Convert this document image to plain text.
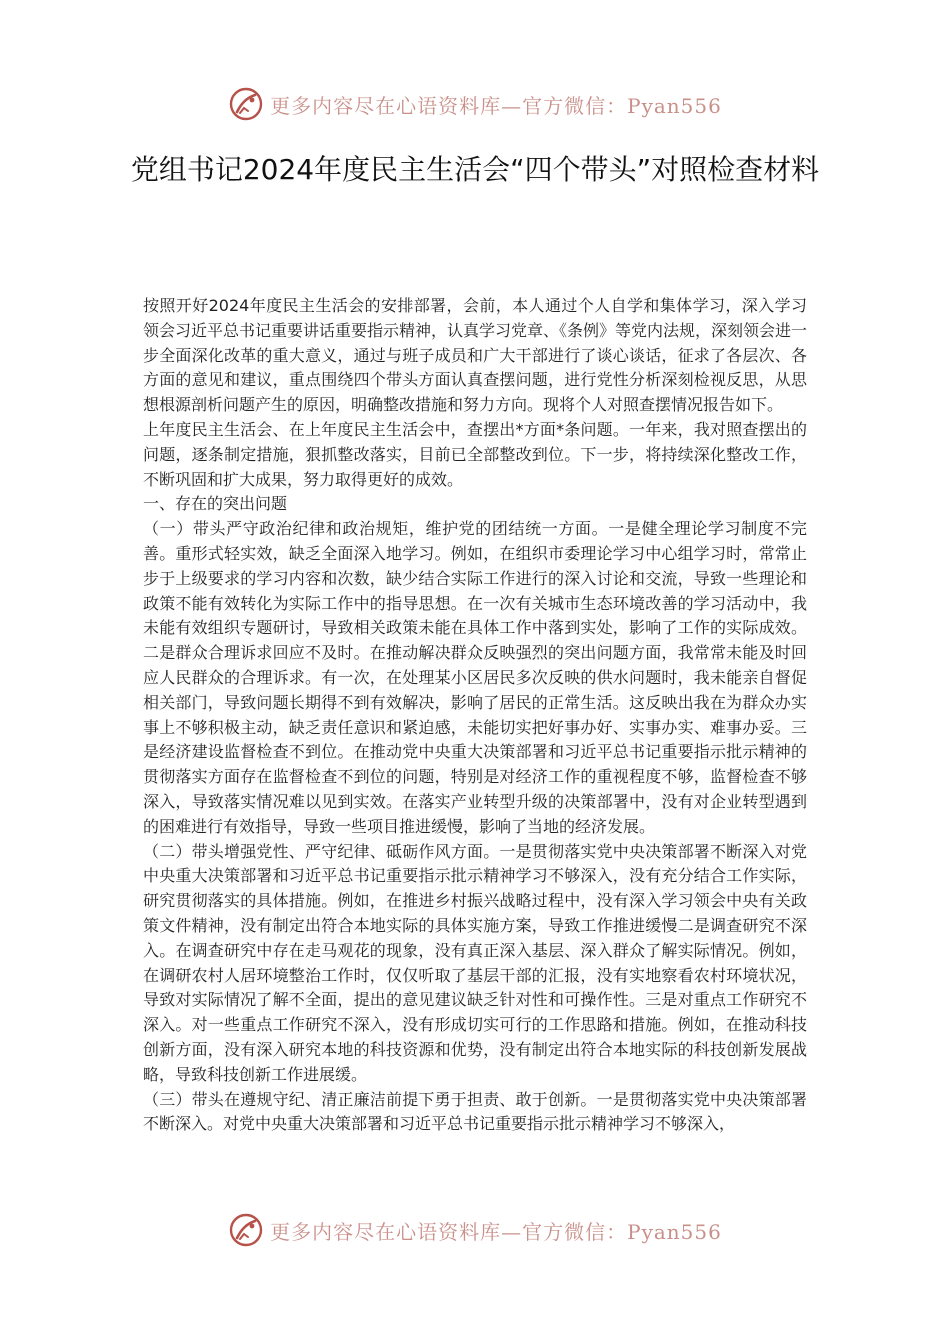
更多内容尽在心语资料库—官方微信：Pyan556
党组书记2024年度民主生活会“四个带头”对照检查材料

按照开好2024年度民主生活会的安排部署，会前，本人通过个人自学和集体学习，深入学习领会习近平总书记重要讲话重要指示精神，认真学习党章、《条例》等党内法规，深刻领会进一步全面深化改革的重大意义，通过与班子成员和广大干部进行了谈心谈话，征求了各层次、各方面的意见和建议，重点围绕四个带头方面认真查摆问题，进行党性分析深刻检视反思，从思想根源剖析问题产生的原因，明确整改措施和努力方向。现将个人对照查摆情况报告如下。

上年度民主生活会、在上年度民主生活会中，查摆出*方面*条问题。一年来，我对照查摆出的问题，逐条制定措施，狠抓整改落实，目前已全部整改到位。下一步，将持续深化整改工作，不断巩固和扩大成果，努力取得更好的成效。

一、存在的突出问题

（一）带头严守政治纪律和政治规矩，维护党的团结统一方面。一是健全理论学习制度不完善。重形式轻实效，缺乏全面深入地学习。例如，在组织市委理论学习中心组学习时，常常止步于上级要求的学习内容和次数，缺少结合实际工作进行的深入讨论和交流，导致一些理论和政策不能有效转化为实际工作中的指导思想。在一次有关城市生态环境改善的学习活动中，我未能有效组织专题研讨，导致相关政策未能在具体工作中落到实处，影响了工作的实际成效。二是群众合理诉求回应不及时。在推动解决群众反映强烈的突出问题方面，我常常未能及时回应人民群众的合理诉求。有一次，在处理某小区居民多次反映的供水问题时，我未能亲自督促相关部门，导致问题长期得不到有效解决，影响了居民的正常生活。这反映出我在为群众办实事上不够积极主动，缺乏责任意识和紧迫感，未能切实把好事办好、实事办实、难事办妥。三是经济建设监督检查不到位。在推动党中央重大决策部署和习近平总书记重要指示批示精神的贯彻落实方面存在监督检查不到位的问题，特别是对经济工作的重视程度不够，监督检查不够深入，导致落实情况难以见到实效。在落实产业转型升级的决策部署中，没有对企业转型遇到的困难进行有效指导，导致一些项目推进缓慢，影响了当地的经济发展。

（二）带头增强党性、严守纪律、砥砺作风方面。一是贯彻落实党中央决策部署不断深入对党中央重大决策部署和习近平总书记重要指示批示精神学习不够深入，没有充分结合工作实际，研究贯彻落实的具体措施。例如，在推进乡村振兴战略过程中，没有深入学习领会中央有关政策文件精神，没有制定出符合本地实际的具体实施方案，导致工作推进缓慢二是调查研究不深入。在调查研究中存在走马观花的现象，没有真正深入基层、深入群众了解实际情况。例如，在调研农村人居环境整治工作时，仅仅听取了基层干部的汇报，没有实地察看农村环境状况，导致对实际情况了解不全面，提出的意见建议缺乏针对性和可操作性。三是对重点工作研究不深入。对一些重点工作研究不深入，没有形成切实可行的工作思路和措施。例如，在推动科技创新方面，没有深入研究本地的科技资源和优势，没有制定出符合本地实际的科技创新发展战略，导致科技创新工作进展缓。

（三）带头在遵规守纪、清正廉洁前提下勇于担责、敢于创新。一是贯彻落实党中央决策部署不断深入。对党中央重大决策部署和习近平总书记重要指示批示精神学习不够深入，

更多内容尽在心语资料库—官方微信：Pyan556
